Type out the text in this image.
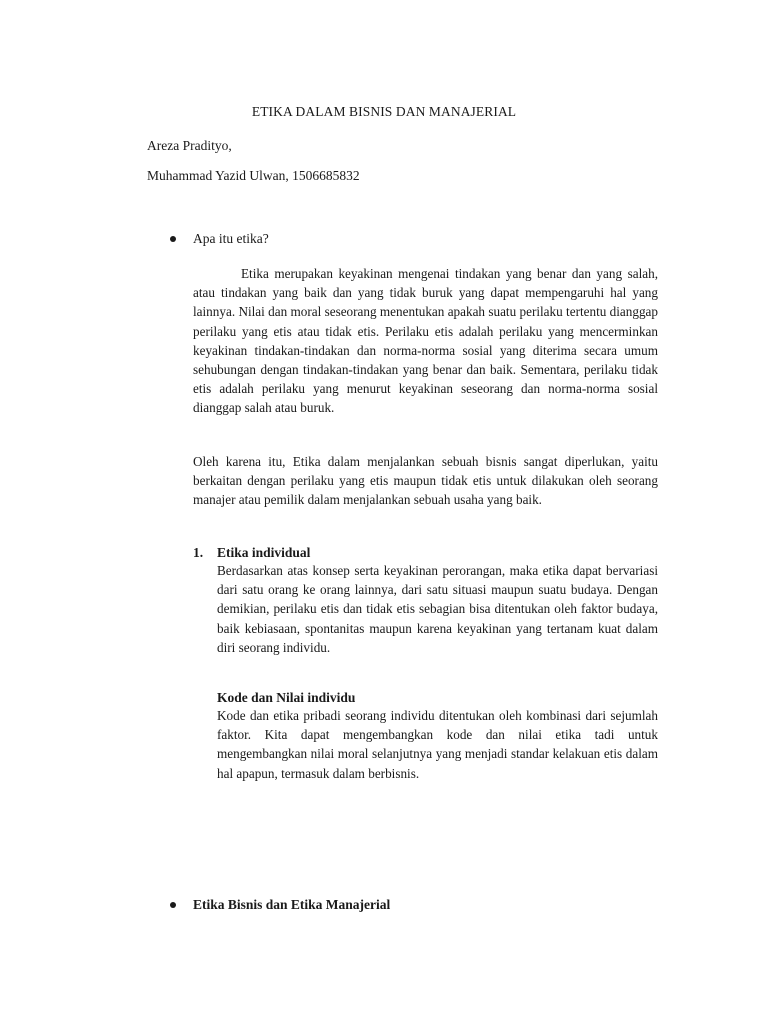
ETIKA DALAM BISNIS DAN MANAJERIAL
Areza Pradityo,
Muhammad Yazid Ulwan, 1506685832
Apa itu etika?

Etika merupakan keyakinan mengenai tindakan yang benar dan yang salah, atau tindakan yang baik dan yang tidak buruk yang dapat mempengaruhi hal yang lainnya. Nilai dan moral seseorang menentukan apakah suatu perilaku tertentu dianggap perilaku yang etis atau tidak etis. Perilaku etis adalah perilaku yang mencerminkan keyakinan tindakan-tindakan dan norma-norma sosial yang diterima secara umum sehubungan dengan tindakan-tindakan yang benar dan baik. Sementara, perilaku tidak etis adalah perilaku yang menurut keyakinan seseorang dan norma-norma sosial dianggap salah atau buruk.

Oleh karena itu, Etika dalam menjalankan sebuah bisnis sangat diperlukan, yaitu berkaitan dengan perilaku yang etis maupun tidak etis untuk dilakukan oleh seorang manajer atau pemilik dalam menjalankan sebuah usaha yang baik.

1.	Etika individual

Berdasarkan atas konsep serta keyakinan perorangan, maka etika dapat bervariasi dari satu orang ke orang lainnya, dari satu situasi maupun suatu budaya. Dengan demikian, perilaku etis dan tidak etis sebagian bisa ditentukan oleh faktor budaya, baik kebiasaan, spontanitas maupun karena keyakinan yang tertanam kuat dalam diri seorang individu.

Kode dan Nilai individu

Kode dan etika pribadi seorang individu ditentukan oleh kombinasi dari sejumlah faktor. Kita dapat mengembangkan kode dan nilai etika tadi untuk mengembangkan nilai moral selanjutnya yang menjadi standar kelakuan etis dalam hal apapun, termasuk dalam berbisnis.

Etika Bisnis dan Etika Manajerial
